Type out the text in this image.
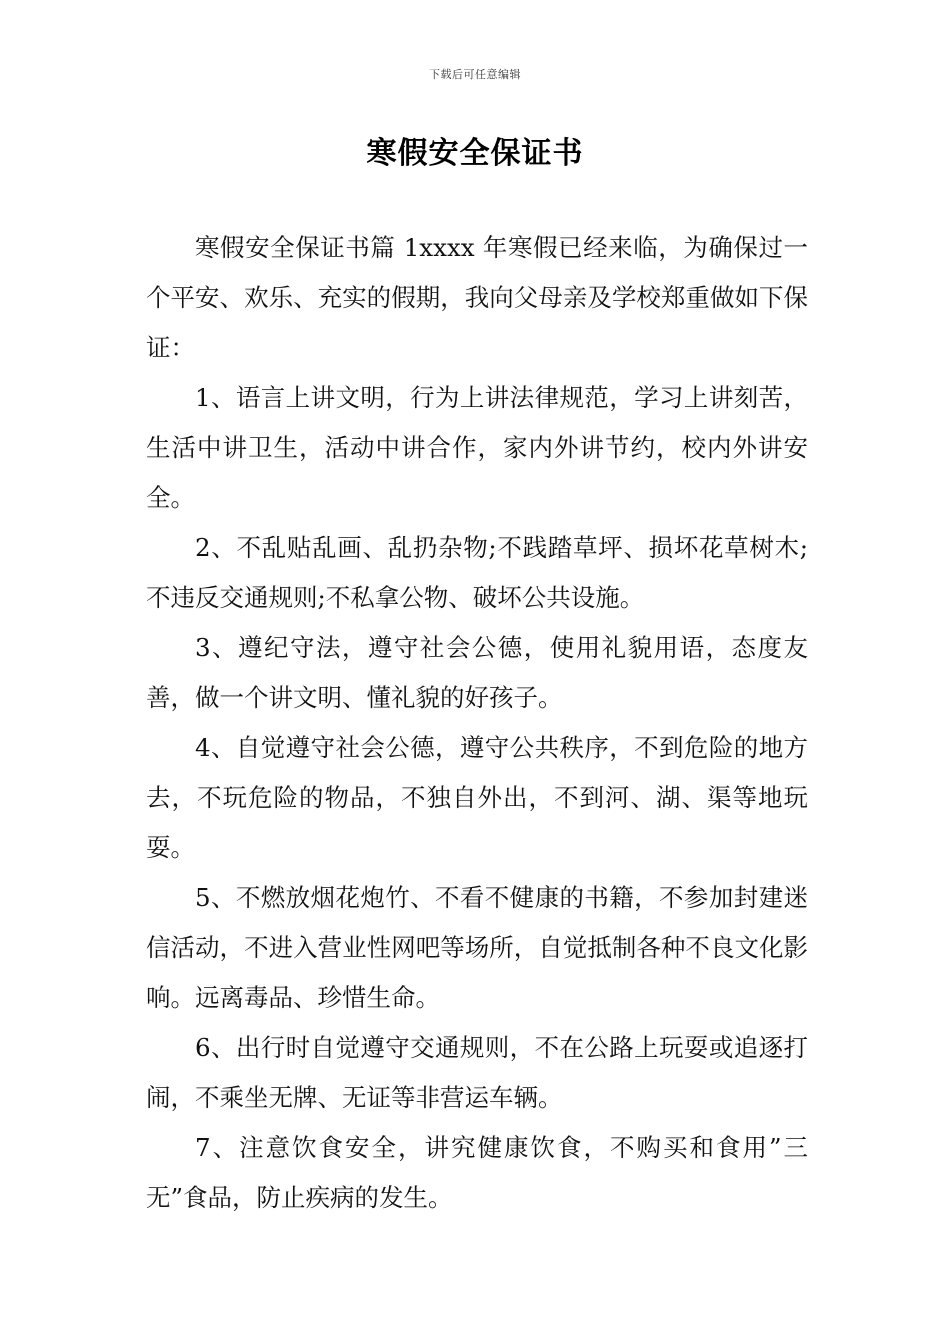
下载后可任意编辑
寒假安全保证书

寒假安全保证书篇 1xxxx 年寒假已经来临，为确保过一个平安、欢乐、充实的假期，我向父母亲及学校郑重做如下保证：

1、语言上讲文明，行为上讲法律规范，学习上讲刻苦，生活中讲卫生，活动中讲合作，家内外讲节约，校内外讲安全。

2、不乱贴乱画、乱扔杂物;不践踏草坪、损坏花草树木;不违反交通规则;不私拿公物、破坏公共设施。

3、遵纪守法，遵守社会公德，使用礼貌用语，态度友善，做一个讲文明、懂礼貌的好孩子。

4、自觉遵守社会公德，遵守公共秩序，不到危险的地方去，不玩危险的物品，不独自外出，不到河、湖、渠等地玩耍。

5、不燃放烟花炮竹、不看不健康的书籍，不参加封建迷信活动，不进入营业性网吧等场所，自觉抵制各种不良文化影响。远离毒品、珍惜生命。

6、出行时自觉遵守交通规则，不在公路上玩耍或追逐打闹，不乘坐无牌、无证等非营运车辆。

7、注意饮食安全，讲究健康饮食，不购买和食用”三无”食品，防止疾病的发生。
